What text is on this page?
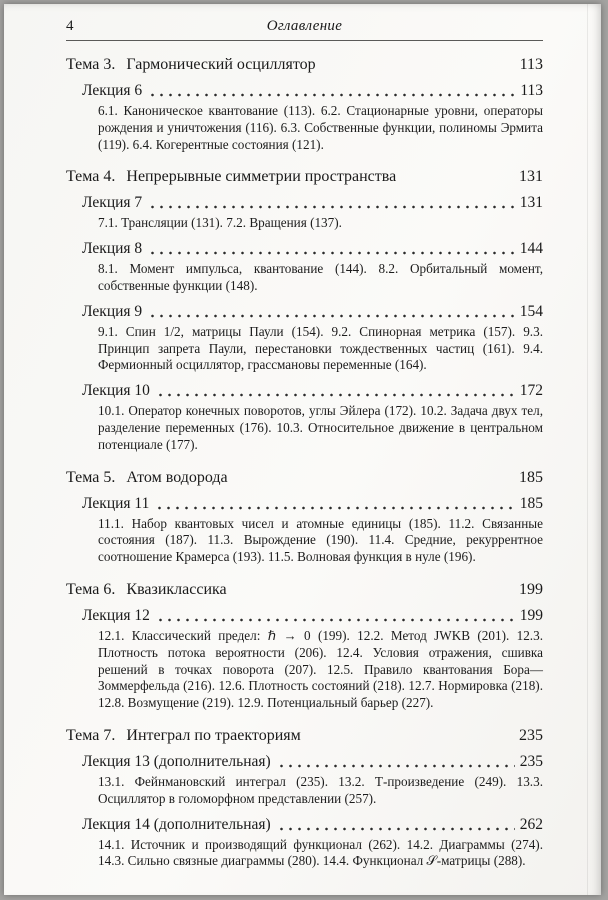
4	Оглавление
Тема 3. Гармонический осциллятор	113
Лекция 6	113

6.1. Каноническое квантование (113). 6.2. Стационарные уровни, операторы рождения и уничтожения (116). 6.3. Собственные функции, полиномы Эрмита (119). 6.4. Когерентные состояния (121).

Тема 4. Непрерывные симметрии пространства	131
Лекция 7	131

7.1. Трансляции (131). 7.2. Вращения (137).

Лекция 8	144

8.1. Момент импульса, квантование (144). 8.2. Орбитальный момент, собственные функции (148).

Лекция 9	154

9.1. Спин 1/2, матрицы Паули (154). 9.2. Спинорная метрика (157). 9.3. Принцип запрета Паули, перестановки тождественных частиц (161). 9.4. Фермионный осциллятор, грассмановы переменные (164).

Лекция 10	172

10.1. Оператор конечных поворотов, углы Эйлера (172). 10.2. Задача двух тел, разделение переменных (176). 10.3. Относительное движение в центральном потенциале (177).

Тема 5. Атом водорода	185
Лекция 11	185

11.1. Набор квантовых чисел и атомные единицы (185). 11.2. Связанные состояния (187). 11.3. Вырождение (190). 11.4. Средние, рекуррентное соотношение Крамерса (193). 11.5. Волновая функция в нуле (196).

Тема 6. Квазиклассика	199
Лекция 12	199

12.1. Классический предел: ℏ → 0 (199). 12.2. Метод JWKB (201). 12.3. Плотность потока вероятности (206). 12.4. Условия отражения, сшивка решений в точках поворота (207). 12.5. Правило квантования Бора—Зоммерфельда (216). 12.6. Плотность состояний (218). 12.7. Нормировка (218). 12.8. Возмущение (219). 12.9. Потенциальный барьер (227).

Тема 7. Интеграл по траекториям	235
Лекция 13 (дополнительная)	235

13.1. Фейнмановский интеграл (235). 13.2. Т-произведение (249). 13.3. Осциллятор в голоморфном представлении (257).

Лекция 14 (дополнительная)	262

14.1. Источник и производящий функционал (262). 14.2. Диаграммы (274). 14.3. Сильно связные диаграммы (280). 14.4. Функционал 𝒮-матрицы (288).
